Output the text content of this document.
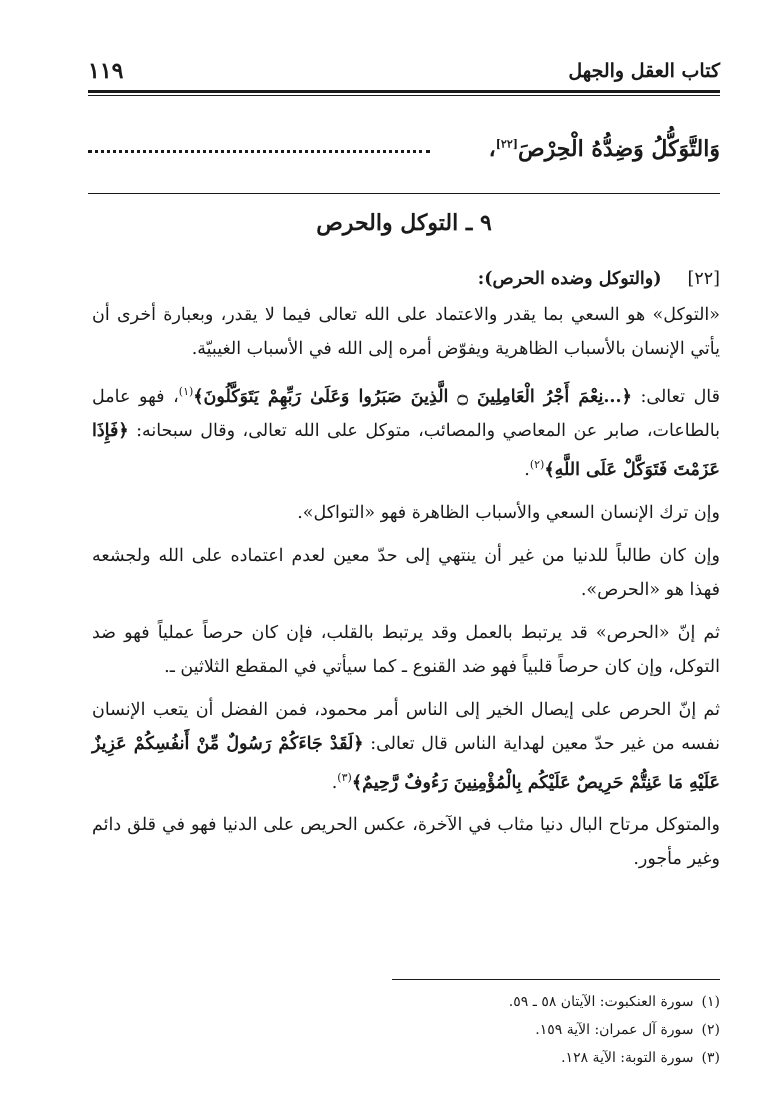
كتاب العقل والجهل
١١٩
وَالتَّوَكُّلُ وَضِدُّهُ الْحِرْصَ[٢٢]،
٩ ـ التوكل والحرص
[٢٢](والتوكل وضده الحرص):

«التوكل» هو السعي بما يقدر والاعتماد على الله تعالى فيما لا يقدر، وبعبارة أخرى أن يأتي الإنسان بالأسباب الظاهرية ويفوّض أمره إلى الله في الأسباب الغيبيّة.

قال تعالى: ﴿...نِعْمَ أَجْرُ الْعَامِلِينَ ۝ الَّذِينَ صَبَرُوا وَعَلَىٰ رَبِّهِمْ يَتَوَكَّلُونَ﴾$^{(١)}$، فهو عامل بالطاعات، صابر عن المعاصي والمصائب، متوكل على الله تعالى، وقال سبحانه: ﴿فَإِذَا عَزَمْتَ فَتَوَكَّلْ عَلَى اللَّهِ﴾$^{(٢)}$.

وإن ترك الإنسان السعي والأسباب الظاهرة فهو «التواكل».

وإن كان طالباً للدنيا من غير أن ينتهي إلى حدّ معين لعدم اعتماده على الله ولجشعه فهذا هو «الحرص».

ثم إنّ «الحرص» قد يرتبط بالعمل وقد يرتبط بالقلب، فإن كان حرصاً عملياً فهو ضد التوكل، وإن كان حرصاً قلبياً فهو ضد القنوع ـ كما سيأتي في المقطع الثلاثين ـ.

ثم إنّ الحرص على إيصال الخير إلى الناس أمر محمود، فمن الفضل أن يتعب الإنسان نفسه من غير حدّ معين لهداية الناس قال تعالى: ﴿لَقَدْ جَاءَكُمْ رَسُولٌ مِّنْ أَنفُسِكُمْ عَزِيزٌ عَلَيْهِ مَا عَنِتُّمْ حَرِيصٌ عَلَيْكُم بِالْمُؤْمِنِينَ رَءُوفٌ رَّحِيمٌ﴾$^{(٣)}$.

والمتوكل مرتاح البال دنيا مثاب في الآخرة، عكس الحريص على الدنيا فهو في قلق دائم وغير مأجور.

(١)سورة العنكبوت: الآيتان ٥٨ ـ ٥٩.
(٢)سورة آل عمران: الآية ١٥٩.
(٣)سورة التوبة: الآية ١٢٨.
